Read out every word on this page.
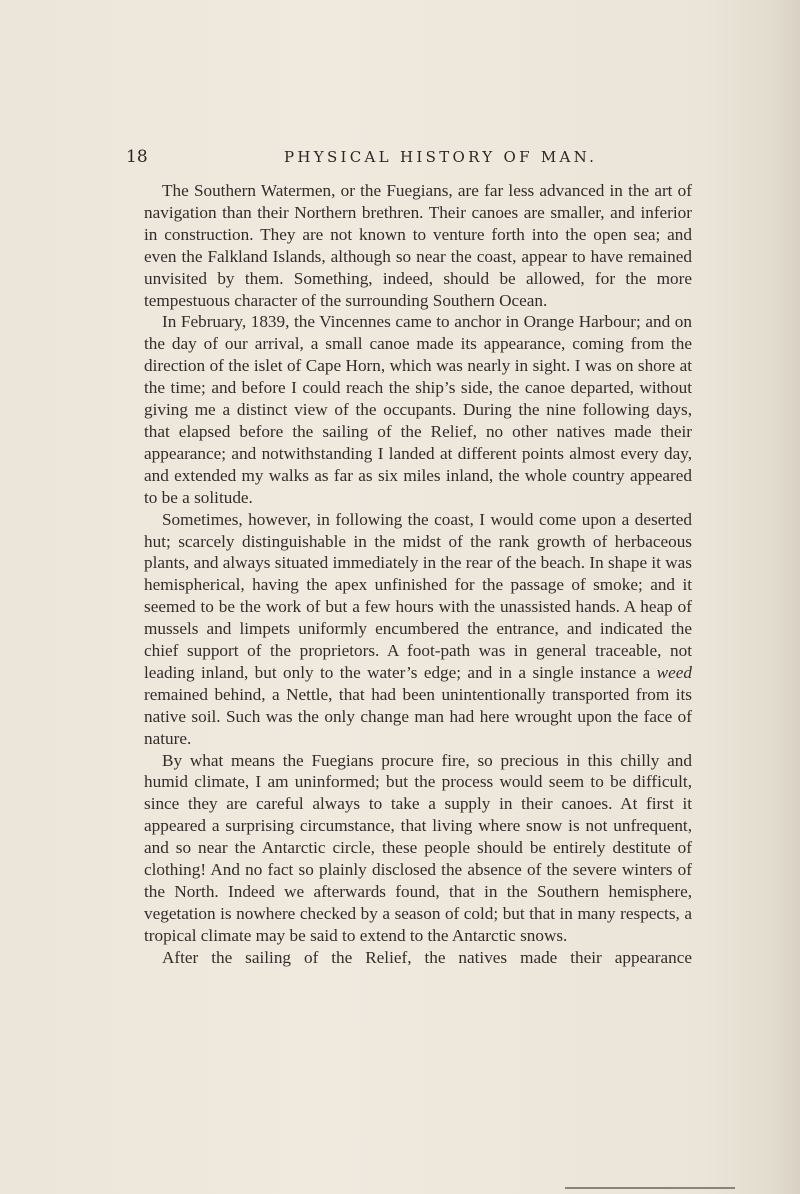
18	PHYSICAL HISTORY OF MAN.

The Southern Watermen, or the Fuegians, are far less advanced in the art of navigation than their Northern brethren. Their canoes are smaller, and inferior in construction. They are not known to venture forth into the open sea; and even the Falkland Islands, although so near the coast, appear to have remained unvisited by them. Something, indeed, should be allowed, for the more tempestuous character of the surrounding Southern Ocean.

In February, 1839, the Vincennes came to anchor in Orange Harbour; and on the day of our arrival, a small canoe made its appearance, coming from the direction of the islet of Cape Horn, which was nearly in sight. I was on shore at the time; and before I could reach the ship’s side, the canoe departed, without giving me a distinct view of the occupants. During the nine following days, that elapsed before the sailing of the Relief, no other natives made their appearance; and notwithstanding I landed at different points almost every day, and extended my walks as far as six miles inland, the whole country appeared to be a solitude.

Sometimes, however, in following the coast, I would come upon a deserted hut; scarcely distinguishable in the midst of the rank growth of herbaceous plants, and always situated immediately in the rear of the beach. In shape it was hemispherical, having the apex unfinished for the passage of smoke; and it seemed to be the work of but a few hours with the unassisted hands. A heap of mussels and limpets uniformly encumbered the entrance, and indicated the chief support of the proprietors. A foot-path was in general traceable, not leading inland, but only to the water’s edge; and in a single instance a weed remained behind, a Nettle, that had been unintentionally transported from its native soil. Such was the only change man had here wrought upon the face of nature.

By what means the Fuegians procure fire, so precious in this chilly and humid climate, I am uninformed; but the process would seem to be difficult, since they are careful always to take a supply in their canoes. At first it appeared a surprising circumstance, that living where snow is not unfrequent, and so near the Antarctic circle, these people should be entirely destitute of clothing! And no fact so plainly disclosed the absence of the severe winters of the North. Indeed we afterwards found, that in the Southern hemisphere, vegetation is nowhere checked by a season of cold; but that in many respects, a tropical climate may be said to extend to the Antarctic snows.

After the sailing of the Relief, the natives made their appearance
